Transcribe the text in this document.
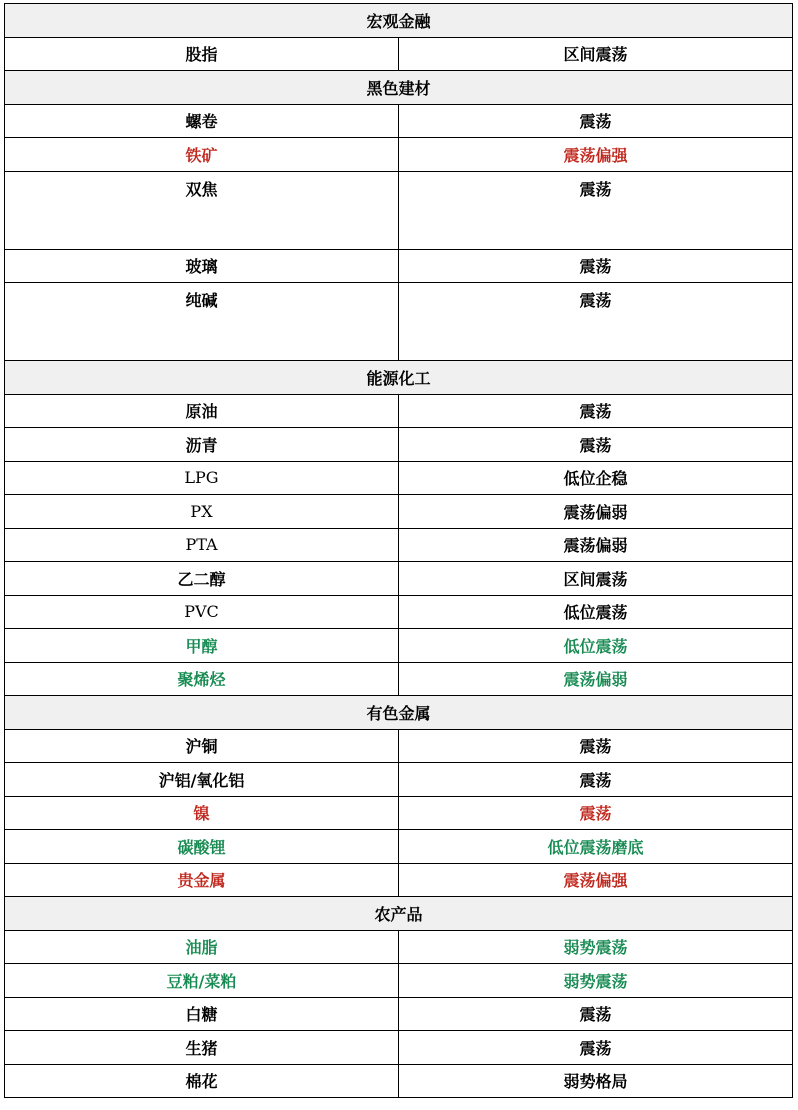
宏观金融	
股指	区间震荡
黑色建材	
螺卷	震荡
铁矿	震荡偏强
双焦	震荡
玻璃	震荡
纯碱	震荡
能源化工	
原油	震荡
沥青	震荡
LPG	低位企稳
PX	震荡偏弱
PTA	震荡偏弱
乙二醇	区间震荡
PVC	低位震荡
甲醇	低位震荡
聚烯烃	震荡偏弱
有色金属	
沪铜	震荡
沪铝/氧化铝	震荡
镍	震荡
碳酸锂	低位震荡磨底
贵金属	震荡偏强
农产品	
油脂	弱势震荡
豆粕/菜粕	弱势震荡
白糖	震荡
生猪	震荡
棉花	弱势格局
